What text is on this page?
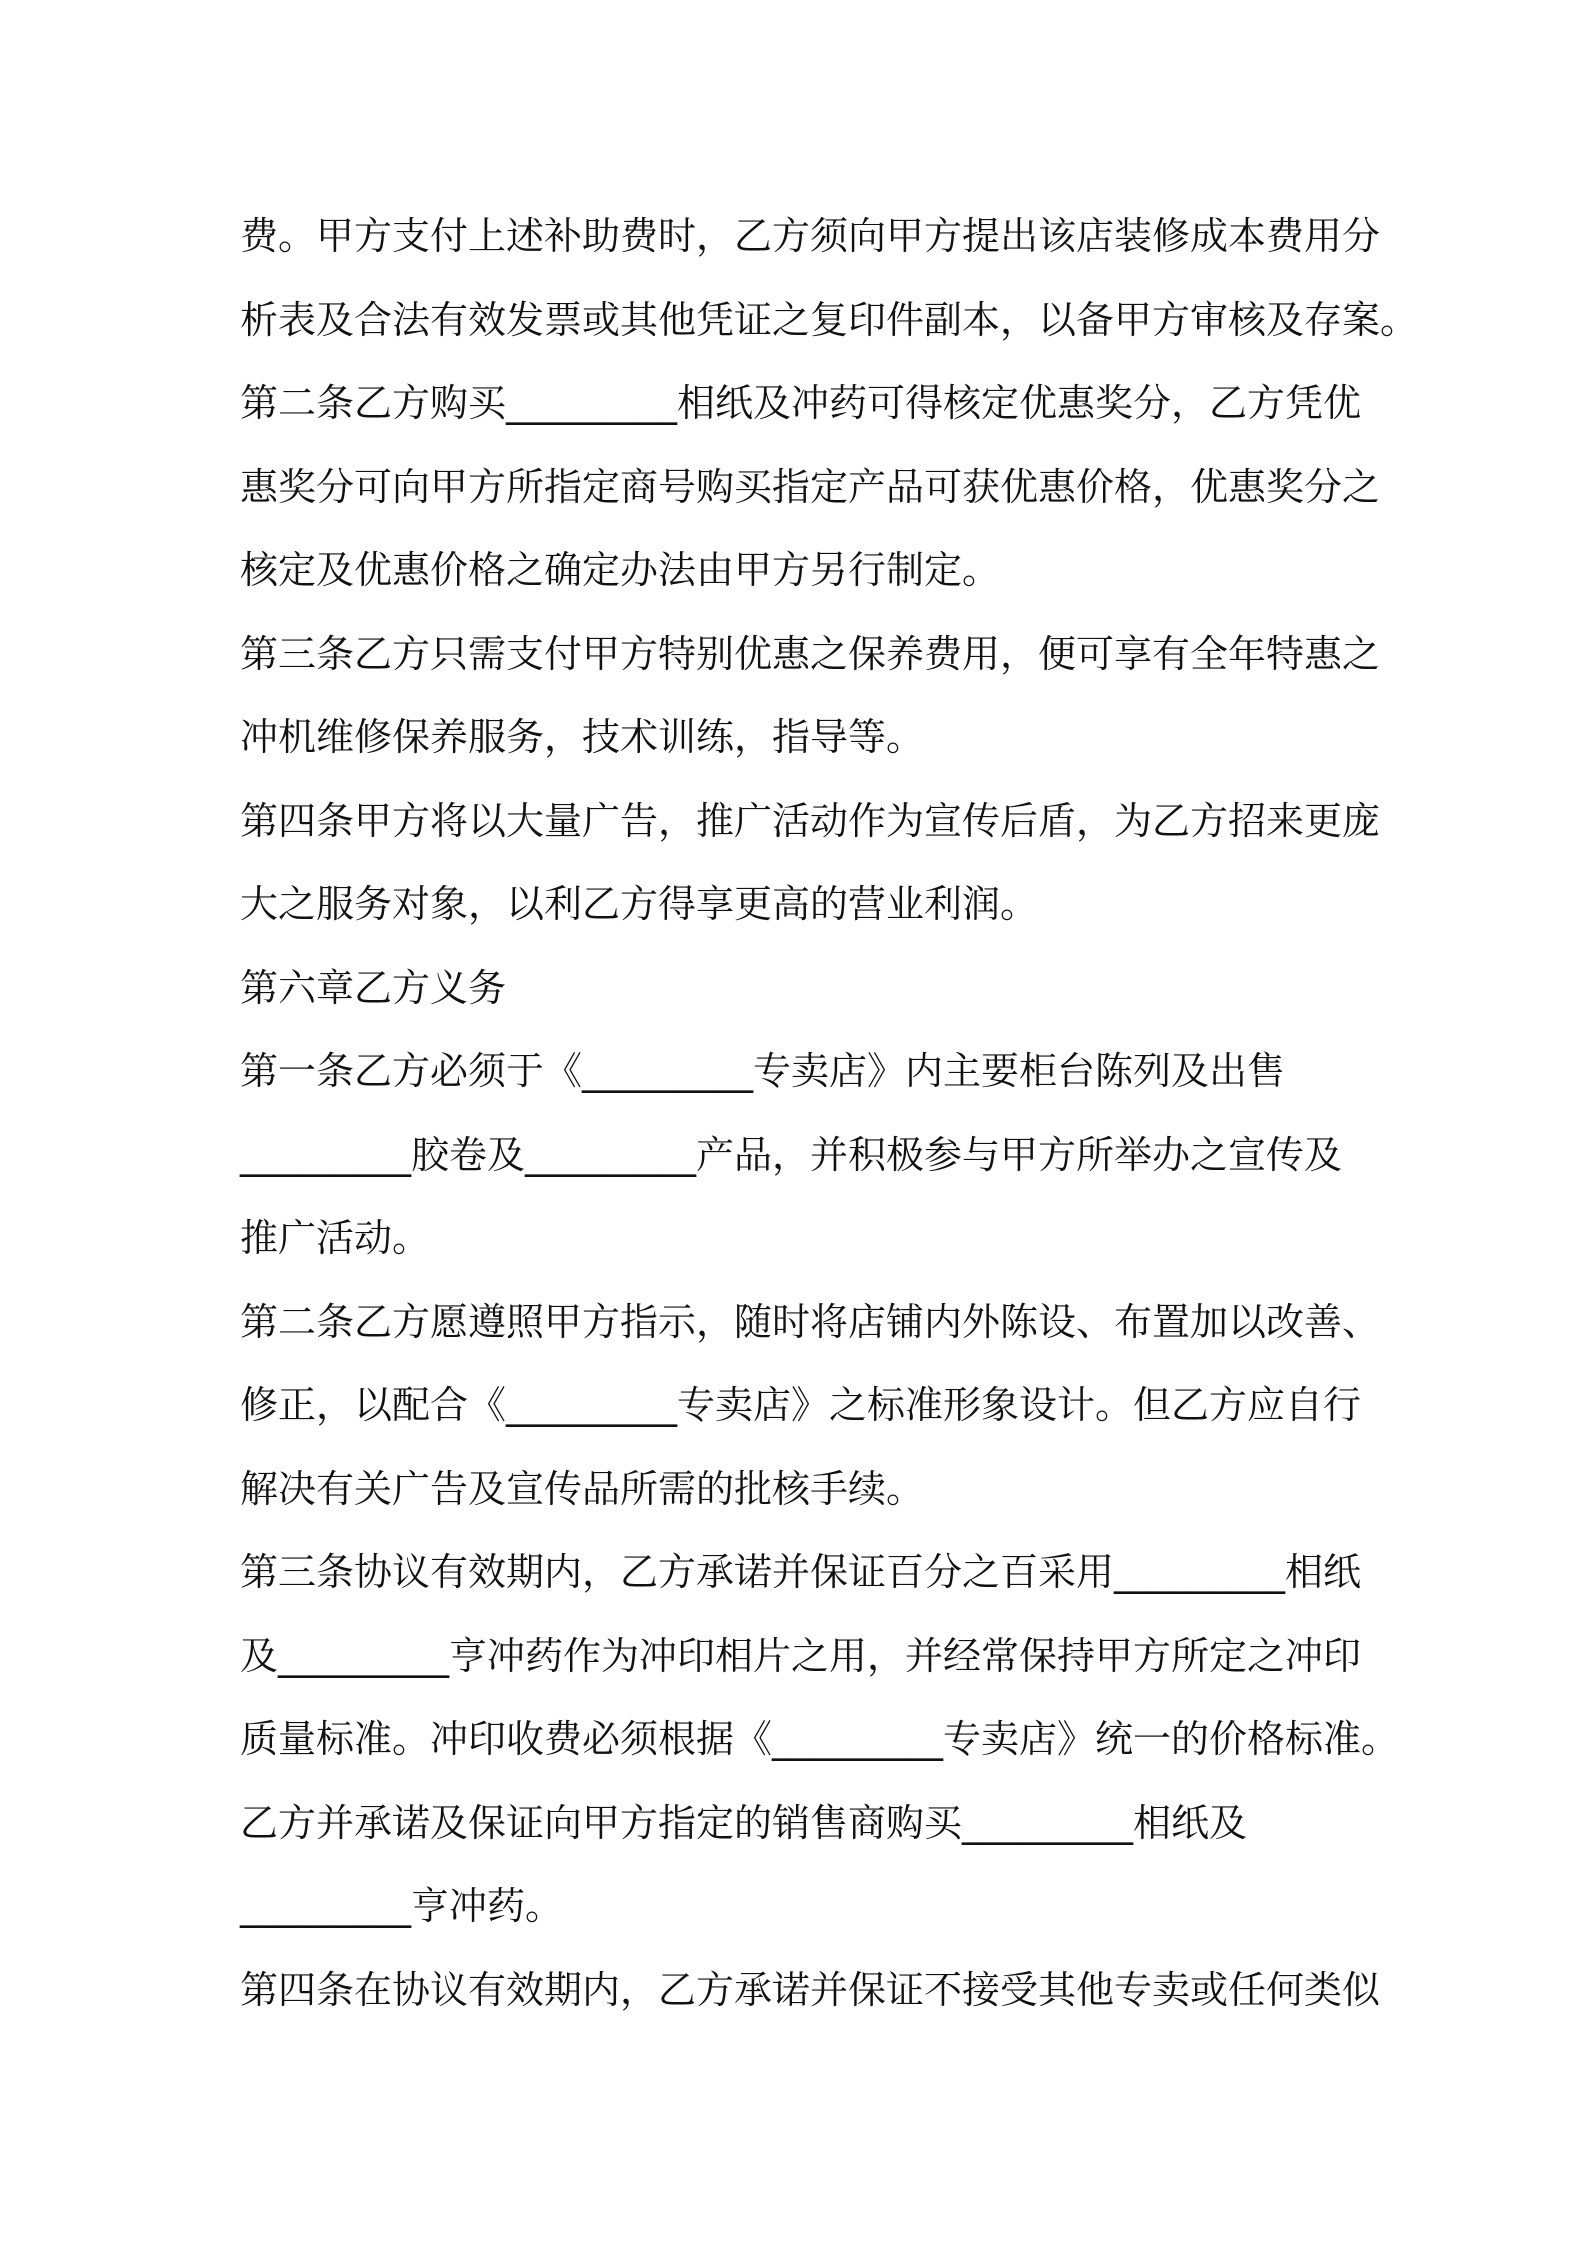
费。甲方支付上述补助费时，乙方须向甲方提出该店装修成本费用分
析表及合法有效发票或其他凭证之复印件副本，以备甲方审核及存案。
第二条乙方购买_________相纸及冲药可得核定优惠奖分，乙方凭优
惠奖分可向甲方所指定商号购买指定产品可获优惠价格，优惠奖分之
核定及优惠价格之确定办法由甲方另行制定。
第三条乙方只需支付甲方特别优惠之保养费用，便可享有全年特惠之
冲机维修保养服务，技术训练，指导等。
第四条甲方将以大量广告，推广活动作为宣传后盾，为乙方招来更庞
大之服务对象，以利乙方得享更高的营业利润。
第六章乙方义务
第一条乙方必须于《_________专卖店》内主要柜台陈列及出售
_________胶卷及_________产品，并积极参与甲方所举办之宣传及
推广活动。
第二条乙方愿遵照甲方指示，随时将店铺内外陈设、布置加以改善、
修正，以配合《_________专卖店》之标准形象设计。但乙方应自行
解决有关广告及宣传品所需的批核手续。
第三条协议有效期内，乙方承诺并保证百分之百采用_________相纸
及_________亨冲药作为冲印相片之用，并经常保持甲方所定之冲印
质量标准。冲印收费必须根据《_________专卖店》统一的价格标准。
乙方并承诺及保证向甲方指定的销售商购买_________相纸及
_________亨冲药。
第四条在协议有效期内，乙方承诺并保证不接受其他专卖或任何类似
